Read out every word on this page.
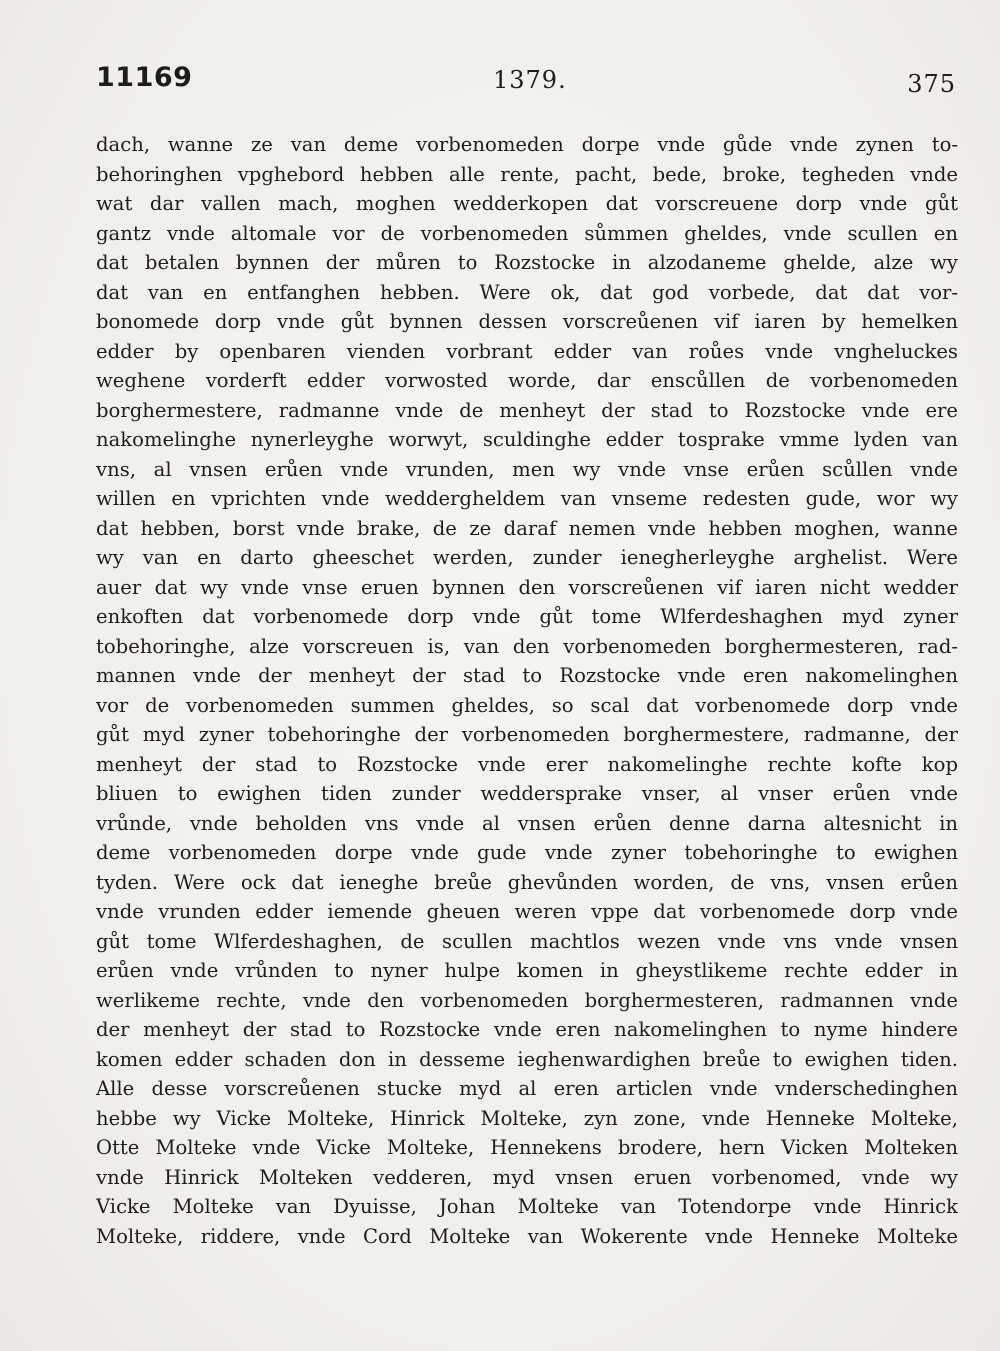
11169	1379.	375
dach, wanne ze van deme vorbenomeden dorpe vnde gůde vnde zynen to-
behoringhen vpghebord hebben alle rente, pacht, bede, broke, tegheden vnde
wat dar vallen mach, moghen wedderkopen dat vorscreuene dorp vnde gůt
gantz vnde altomale vor de vorbenomeden sůmmen gheldes, vnde scullen en
dat betalen bynnen der můren to Rozstocke in alzodaneme ghelde, alze wy
dat van en entfanghen hebben. Were ok, dat god vorbede, dat dat vor-
bonomede dorp vnde gůt bynnen dessen vorscreůenen vif iaren by hemelken
edder by openbaren vienden vorbrant edder van roůes vnde vngheluckes
weghene vorderft edder vorwosted worde, dar enscůllen de vorbenomeden
borghermestere, radmanne vnde de menheyt der stad to Rozstocke vnde ere
nakomelinghe nynerleyghe worwyt, sculdinghe edder tosprake vmme lyden van
vns, al vnsen erůen vnde vrunden, men wy vnde vnse erůen scůllen vnde
willen en vprichten vnde weddergheldem van vnseme redesten gude, wor wy
dat hebben, borst vnde brake, de ze daraf nemen vnde hebben moghen, wanne
wy van en darto gheeschet werden, zunder ienegherleyghe arghelist. Were
auer dat wy vnde vnse eruen bynnen den vorscreůenen vif iaren nicht wedder
enkoften dat vorbenomede dorp vnde gůt tome Wlferdeshaghen myd zyner
tobehoringhe, alze vorscreuen is, van den vorbenomeden borghermesteren, rad-
mannen vnde der menheyt der stad to Rozstocke vnde eren nakomelinghen
vor de vorbenomeden summen gheldes, so scal dat vorbenomede dorp vnde
gůt myd zyner tobehoringhe der vorbenomeden borghermestere, radmanne, der
menheyt der stad to Rozstocke vnde erer nakomelinghe rechte kofte kop
bliuen to ewighen tiden zunder weddersprake vnser, al vnser erůen vnde
vrůnde, vnde beholden vns vnde al vnsen erůen denne darna altesnicht in
deme vorbenomeden dorpe vnde gude vnde zyner tobehoringhe to ewighen
tyden. Were ock dat ieneghe breůe ghevůnden worden, de vns, vnsen erůen
vnde vrunden edder iemende gheuen weren vppe dat vorbenomede dorp vnde
gůt tome Wlferdeshaghen, de scullen machtlos wezen vnde vns vnde vnsen
erůen vnde vrůnden to nyner hulpe komen in gheystlikeme rechte edder in
werlikeme rechte, vnde den vorbenomeden borghermesteren, radmannen vnde
der menheyt der stad to Rozstocke vnde eren nakomelinghen to nyme hindere
komen edder schaden don in desseme ieghenwardighen breůe to ewighen tiden.
Alle desse vorscreůenen stucke myd al eren articlen vnde vnderschedinghen
hebbe wy Vicke Molteke, Hinrick Molteke, zyn zone, vnde Henneke Molteke,
Otte Molteke vnde Vicke Molteke, Hennekens brodere, hern Vicken Molteken
vnde Hinrick Molteken vedderen, myd vnsen eruen vorbenomed, vnde wy
Vicke Molteke van Dyuisse, Johan Molteke van Totendorpe vnde Hinrick
Molteke, riddere, vnde Cord Molteke van Wokerente vnde Henneke Molteke
